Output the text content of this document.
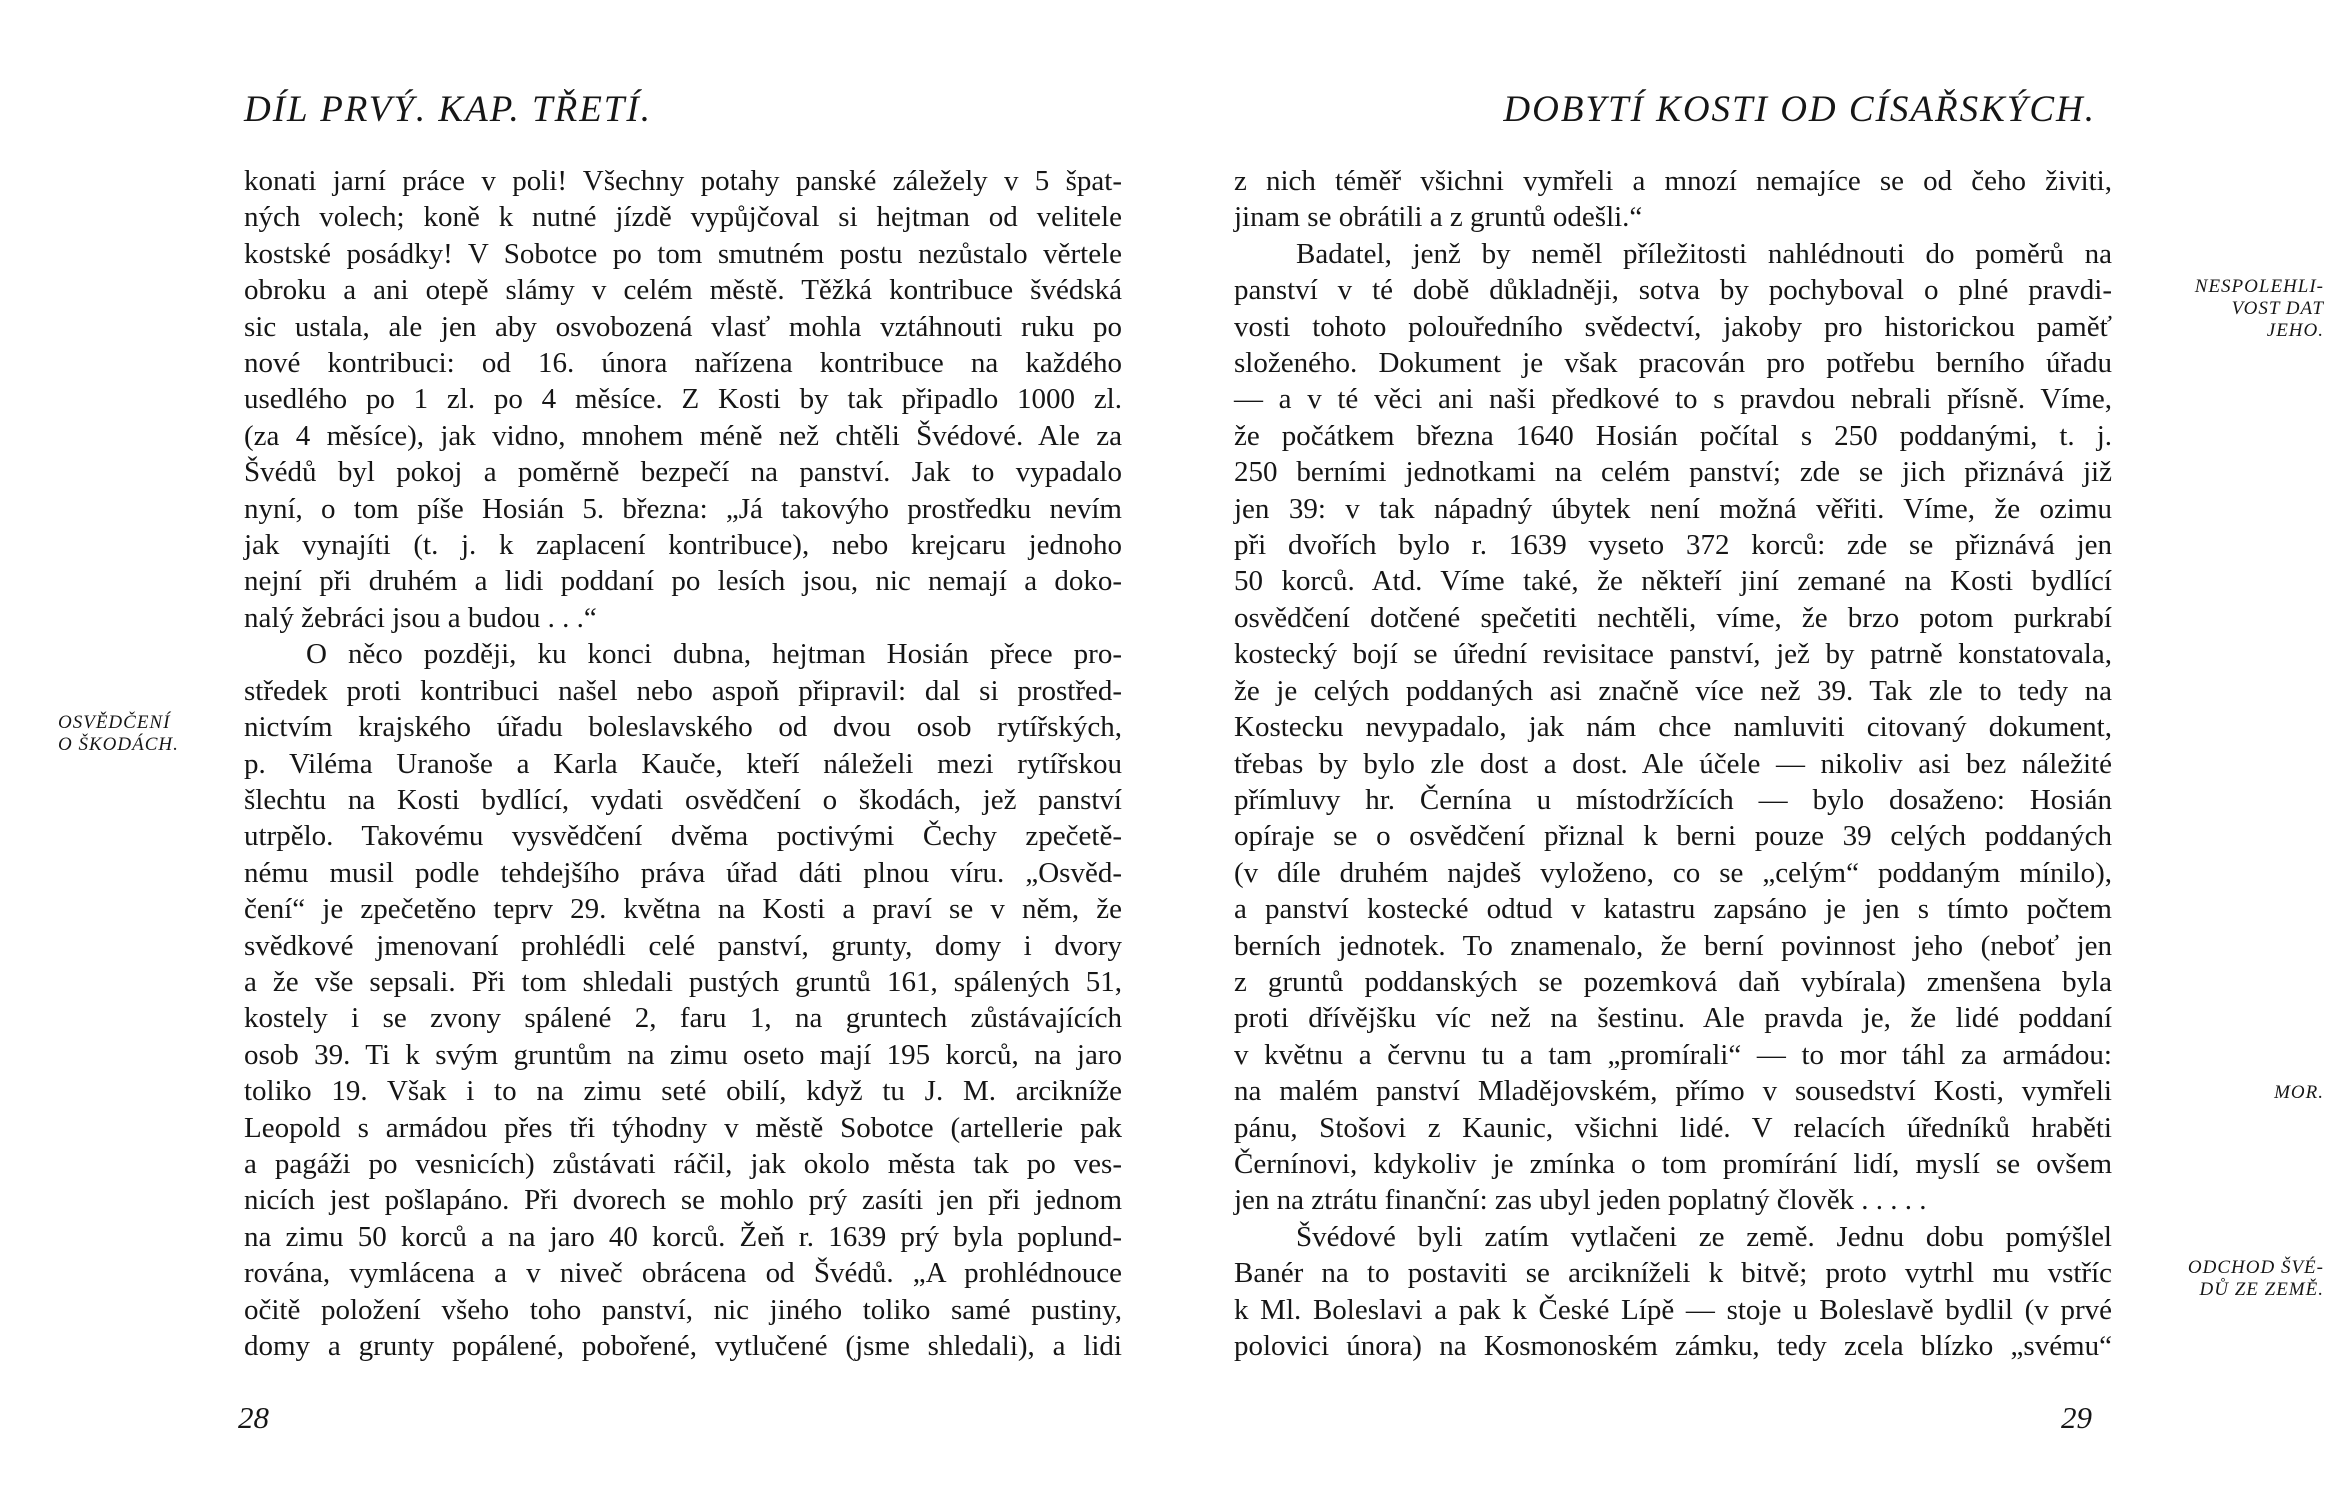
DÍL PRVÝ. KAP. TŘETÍ.
konati jarní práce v poli! Všechny potahy panské záležely v 5 špat-
ných volech; koně k nutné jízdě vypůjčoval si hejtman od velitele
kostské posádky! V Sobotce po tom smutném postu nezůstalo věrtele
obroku a ani otepě slámy v celém městě. Těžká kontribuce švédská
sic ustala, ale jen aby osvobozená vlasť mohla vztáhnouti ruku po
nové kontribuci: od 16. února nařízena kontribuce na každého
usedlého po 1 zl. po 4 měsíce. Z Kosti by tak připadlo 1000 zl.
(za 4 měsíce), jak vidno, mnohem méně než chtěli Švédové. Ale za
Švédů byl pokoj a poměrně bezpečí na panství. Jak to vypadalo
nyní, o tom píše Hosián 5. března: „Já takovýho prostředku nevím
jak vynajíti (t. j. k zaplacení kontribuce), nebo krejcaru jednoho
nejní při druhém a lidi poddaní po lesích jsou, nic nemají a doko-
nalý žebráci jsou a budou . . .“
O něco později, ku konci dubna, hejtman Hosián přece pro-
středek proti kontribuci našel nebo aspoň připravil: dal si prostřed-
nictvím krajského úřadu boleslavského od dvou osob rytířských,
p. Viléma Uranoše a Karla Kauče, kteří náleželi mezi rytířskou
šlechtu na Kosti bydlící, vydati osvědčení o škodách, jež panství
utrpělo. Takovému vysvědčení dvěma poctivými Čechy zpečetě-
nému musil podle tehdejšího práva úřad dáti plnou víru. „Osvěd-
čení“ je zpečetěno teprv 29. května na Kosti a praví se v něm, že
svědkové jmenovaní prohlédli celé panství, grunty, domy i dvory
a že vše sepsali. Při tom shledali pustých gruntů 161, spálených 51,
kostely i se zvony spálené 2, faru 1, na gruntech zůstávajících
osob 39. Ti k svým gruntům na zimu oseto mají 195 korců, na jaro
toliko 19. Však i to na zimu seté obilí, když tu J. M. arcikníže
Leopold s armádou přes tři týhodny v městě Sobotce (artellerie pak
a pagáži po vesnicích) zůstávati ráčil, jak okolo města tak po ves-
nicích jest pošlapáno. Při dvorech se mohlo prý zasíti jen při jednom
na zimu 50 korců a na jaro 40 korců. Žeň r. 1639 prý byla poplund-
rována, vymlácena a v niveč obrácena od Švédů. „A prohlédnouce
očitě položení všeho toho panství, nic jiného toliko samé pustiny,
domy a grunty popálené, pobořené, vytlučené (jsme shledali), a lidi
OSVĚDČENÍ
O ŠKODÁCH.
28
DOBYTÍ KOSTI OD CÍSAŘSKÝCH.
z nich téměř všichni vymřeli a mnozí nemajíce se od čeho živiti,
jinam se obrátili a z gruntů odešli.“
Badatel, jenž by neměl příležitosti nahlédnouti do poměrů na
panství v té době důkladněji, sotva by pochyboval o plné pravdi-
vosti tohoto polouředního svědectví, jakoby pro historickou paměť
složeného. Dokument je však pracován pro potřebu berního úřadu
— a v té věci ani naši předkové to s pravdou nebrali přísně. Víme,
že počátkem března 1640 Hosián počítal s 250 poddanými, t. j.
250 berními jednotkami na celém panství; zde se jich přiznává již
jen 39: v tak nápadný úbytek není možná věřiti. Víme, že ozimu
při dvořích bylo r. 1639 vyseto 372 korců: zde se přiznává jen
50 korců. Atd. Víme také, že někteří jiní zemané na Kosti bydlící
osvědčení dotčené spečetiti nechtěli, víme, že brzo potom purkrabí
kostecký bojí se úřední revisitace panství, jež by patrně konstatovala,
že je celých poddaných asi značně více než 39. Tak zle to tedy na
Kostecku nevypadalo, jak nám chce namluviti citovaný dokument,
třebas by bylo zle dost a dost. Ale účele — nikoliv asi bez náležité
přímluvy hr. Černína u místodržících — bylo dosaženo: Hosián
opíraje se o osvědčení přiznal k berni pouze 39 celých poddaných
(v díle druhém najdeš vyloženo, co se „celým“ poddaným mínilo),
a panství kostecké odtud v katastru zapsáno je jen s tímto počtem
berních jednotek. To znamenalo, že berní povinnost jeho (neboť jen
z gruntů poddanských se pozemková daň vybírala) zmenšena byla
proti dřívějšku víc než na šestinu. Ale pravda je, že lidé poddaní
v květnu a červnu tu a tam „promírali“ — to mor táhl za armádou:
na malém panství Mladějovském, přímo v sousedství Kosti, vymřeli
pánu, Stošovi z Kaunic, všichni lidé. V relacích úředníků hraběti
Černínovi, kdykoliv je zmínka o tom promírání lidí, myslí se ovšem
jen na ztrátu finanční: zas ubyl jeden poplatný člověk . . . . .
Švédové byli zatím vytlačeni ze země. Jednu dobu pomýšlel
Banér na to postaviti se arcikníželi k bitvě; proto vytrhl mu vstříc
k Ml. Boleslavi a pak k České Lípě — stoje u Boleslavě bydlil (v prvé
polovici února) na Kosmonoském zámku, tedy zcela blízko „svému“
NESPOLEHLI-
VOST DAT
JEHO.
MOR.
ODCHOD ŠVÉ-
DŮ ZE ZEMĚ.
29
